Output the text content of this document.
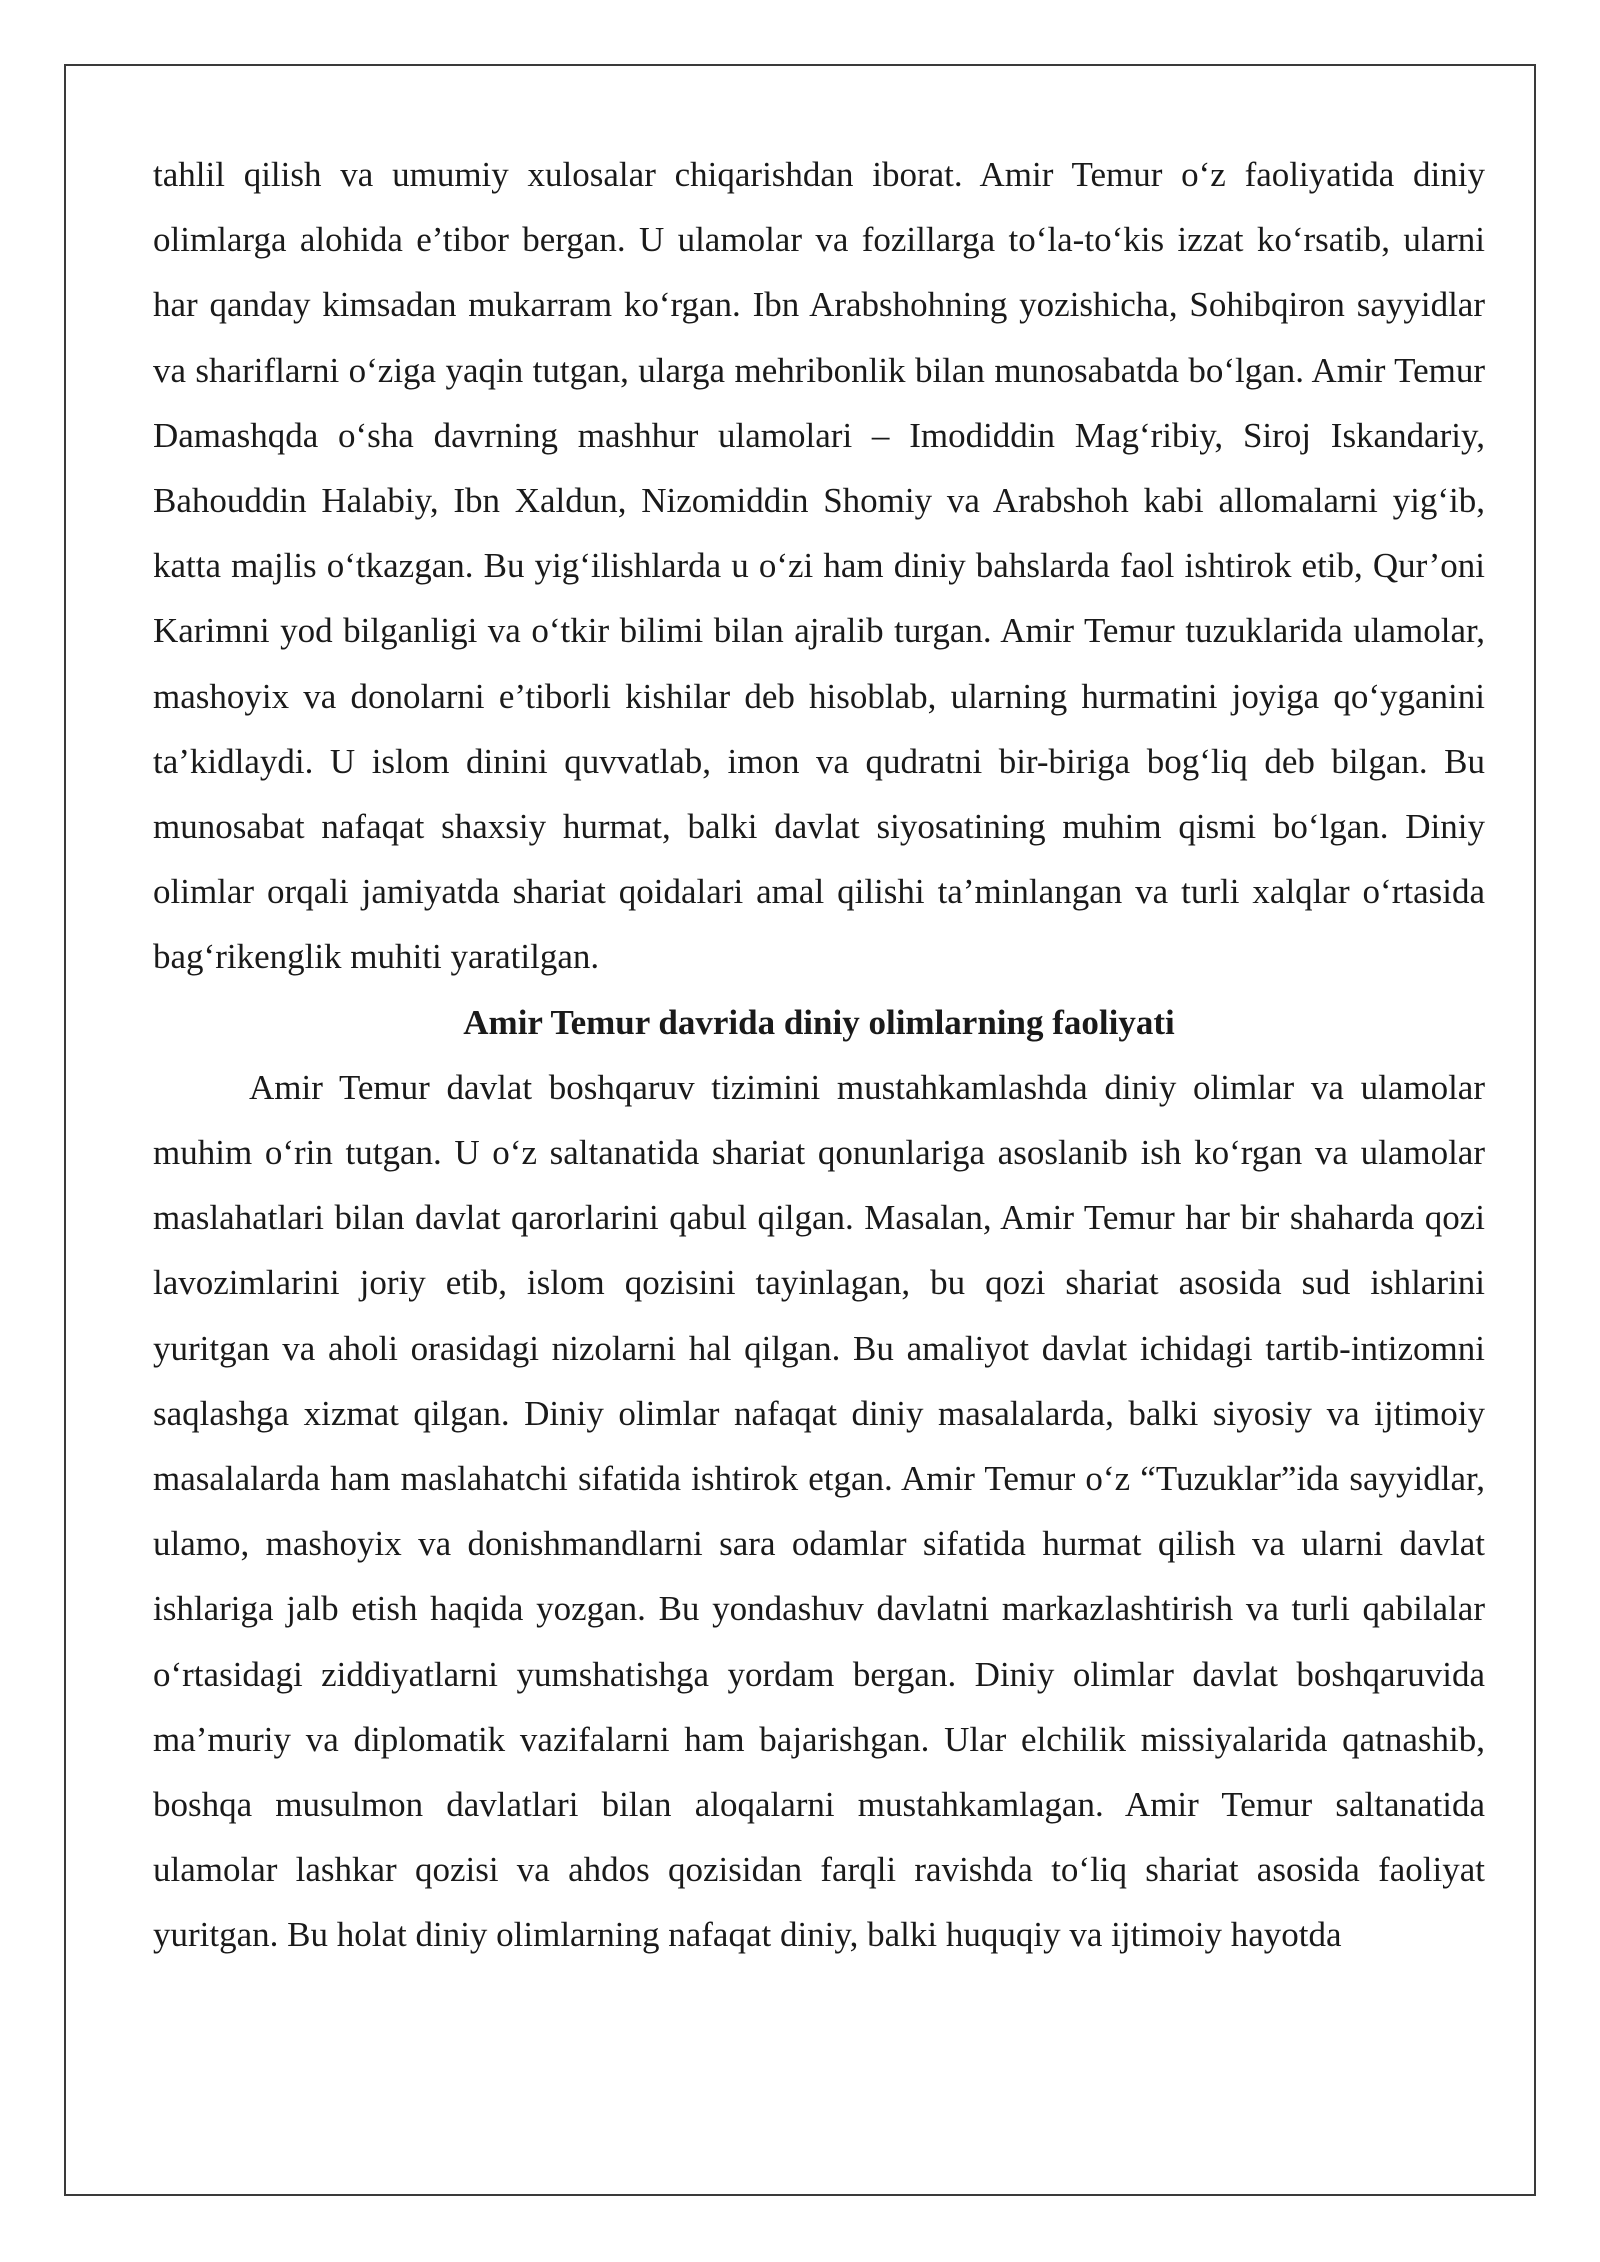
tahlil qilish va umumiy xulosalar chiqarishdan iborat. Amir Temur o‘z faoliyatida diniy olimlarga alohida e’tibor bergan. U ulamolar va fozillarga to‘la-to‘kis izzat ko‘rsatib, ularni har qanday kimsadan mukarram ko‘rgan. Ibn Arabshohning yozishicha, Sohibqiron sayyidlar va shariflarni o‘ziga yaqin tutgan, ularga mehribonlik bilan munosabatda bo‘lgan. Amir Temur Damashqda o‘sha davrning mashhur ulamolari – Imodiddin Mag‘ribiy, Siroj Iskandariy, Bahouddin Halabiy, Ibn Xaldun, Nizomiddin Shomiy va Arabshoh kabi allomalarni yig‘ib, katta majlis o‘tkazgan. Bu yig‘ilishlarda u o‘zi ham diniy bahslarda faol ishtirok etib, Qur’oni Karimni yod bilganligi va o‘tkir bilimi bilan ajralib turgan. Amir Temur tuzuklarida ulamolar, mashoyix va donolarni e’tiborli kishilar deb hisoblab, ularning hurmatini joyiga qo‘yganini ta’kidlaydi. U islom dinini quvvatlab, imon va qudratni bir-biriga bog‘liq deb bilgan. Bu munosabat nafaqat shaxsiy hurmat, balki davlat siyosatining muhim qismi bo‘lgan. Diniy olimlar orqali jamiyatda shariat qoidalari amal qilishi ta’minlangan va turli xalqlar o‘rtasida bag‘rikenglik muhiti yaratilgan.

Amir Temur davrida diniy olimlarning faoliyati

Amir Temur davlat boshqaruv tizimini mustahkamlashda diniy olimlar va ulamolar muhim o‘rin tutgan. U o‘z saltanatida shariat qonunlariga asoslanib ish ko‘rgan va ulamolar maslahatlari bilan davlat qarorlarini qabul qilgan. Masalan, Amir Temur har bir shaharda qozi lavozimlarini joriy etib, islom qozisini tayinlagan, bu qozi shariat asosida sud ishlarini yuritgan va aholi orasidagi nizolarni hal qilgan. Bu amaliyot davlat ichidagi tartib-intizomni saqlashga xizmat qilgan. Diniy olimlar nafaqat diniy masalalarda, balki siyosiy va ijtimoiy masalalarda ham maslahatchi sifatida ishtirok etgan. Amir Temur o‘z “Tuzuklar”ida sayyidlar, ulamo, mashoyix va donishmandlarni sara odamlar sifatida hurmat qilish va ularni davlat ishlariga jalb etish haqida yozgan. Bu yondashuv davlatni markazlashtirish va turli qabilalar o‘rtasidagi ziddiyatlarni yumshatishga yordam bergan. Diniy olimlar davlat boshqaruvida ma’muriy va diplomatik vazifalarni ham bajarishgan. Ular elchilik missiyalarida qatnashib, boshqa musulmon davlatlari bilan aloqalarni mustahkamlagan. Amir Temur saltanatida ulamolar lashkar qozisi va ahdos qozisidan farqli ravishda to‘liq shariat asosida faoliyat yuritgan. Bu holat diniy olimlarning nafaqat diniy, balki huquqiy va ijtimoiy hayotda
